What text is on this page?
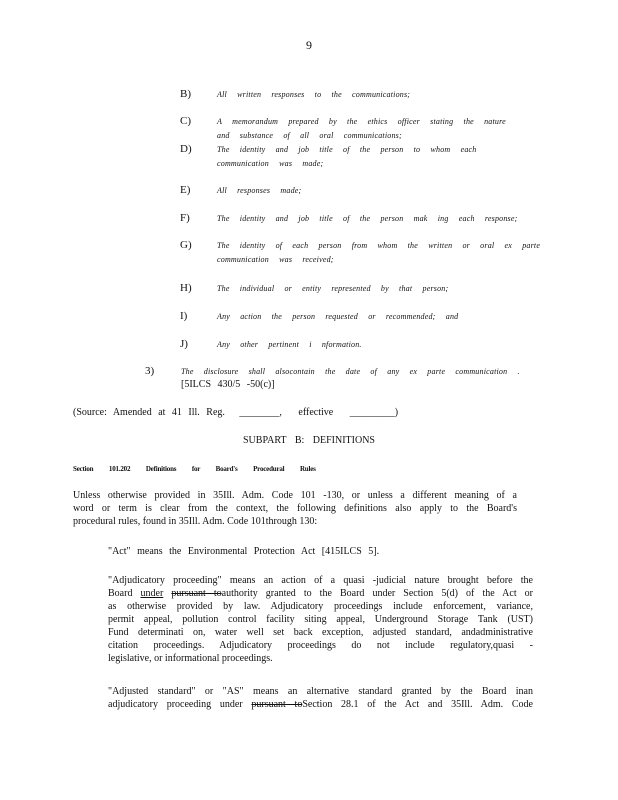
9
B)	All written responses to the communications;
C)	A memorandum prepared by the ethics officer stating the nature
and substance of all oral communications;
D)	The identity and job title of the person to whom each
communication was made;
E)	All responses made;
F)	The identity and job title of the person mak ing each response;
G)	The identity of each person from whom the written or oral ex parte
communication was received;
H)	The individual or entity represented by that person;
I)	Any action the person requested or recommended; and
J)	Any other pertinent i nformation.
3)	The disclosure shall alsocontain the date of any ex parte communication .
[5ILCS 430/5 -50(c)]
(Source: Amended at 41 Ill. Reg. ________, effective _________)
SUBPART B: DEFINITIONS
Section 101.202 Definitions for Board's Procedural Rules
Unless otherwise provided in 35Ill. Adm. Code 101 -130, or unless a different meaning of a
word or term is clear from the context, the following definitions also apply to the Board's
procedural rules, found in 35Ill. Adm. Code 101through 130:
"Act" means the Environmental Protection Act [415ILCS 5].
"Adjudicatory proceeding" means an action of a quasi -judicial nature brought before the
Board under pursuant toauthority granted to the Board under Section 5(d) of the Act or
as otherwise provided by law. Adjudicatory proceedings include enforcement, variance,
permit appeal, pollution control facility siting appeal, Underground Storage Tank (UST)
Fund determinati on, water well set back exception, adjusted standard, andadministrative
citation proceedings. Adjudicatory proceedings do not include regulatory,quasi -
legislative, or informational proceedings.
"Adjusted standard" or "AS" means an alternative standard granted by the Board inan
adjudicatory proceeding under pursuant toSection 28.1 of the Act and 35Ill. Adm. Code
